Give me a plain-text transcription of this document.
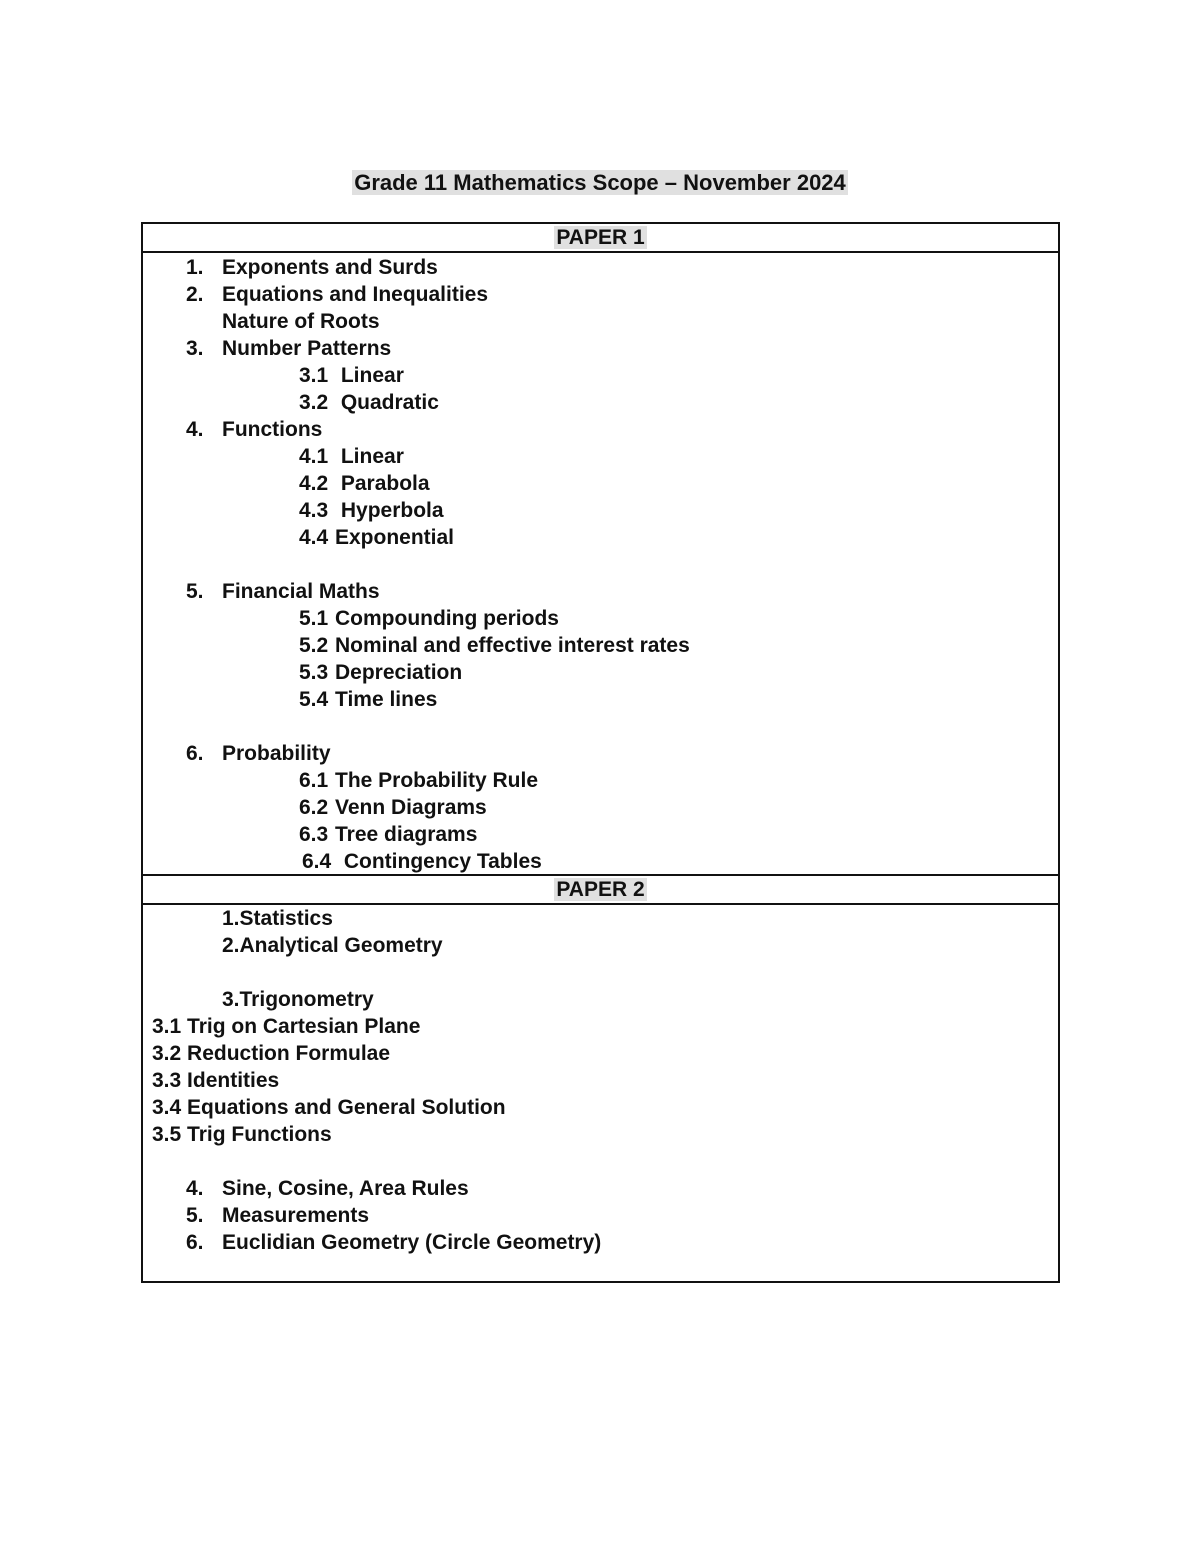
Grade 11 Mathematics Scope – November 2024
PAPER 1
1. Exponents and Surds
2. Equations and Inequalities
Nature of Roots
3. Number Patterns
3.1 Linear
3.2 Quadratic
4. Functions
4.1 Linear
4.2 Parabola
4.3 Hyperbola
4.4 Exponential
5. Financial Maths
5.1 Compounding periods
5.2 Nominal and effective interest rates
5.3 Depreciation
5.4 Time lines
6. Probability
6.1 The Probability Rule
6.2 Venn Diagrams
6.3 Tree diagrams
6.4 Contingency Tables
PAPER 2
1.Statistics
2.Analytical Geometry
3.Trigonometry
3.1 Trig on Cartesian Plane
3.2 Reduction Formulae
3.3 Identities
3.4 Equations and General Solution
3.5 Trig Functions
4. Sine, Cosine, Area Rules
5. Measurements
6. Euclidian Geometry (Circle Geometry)
